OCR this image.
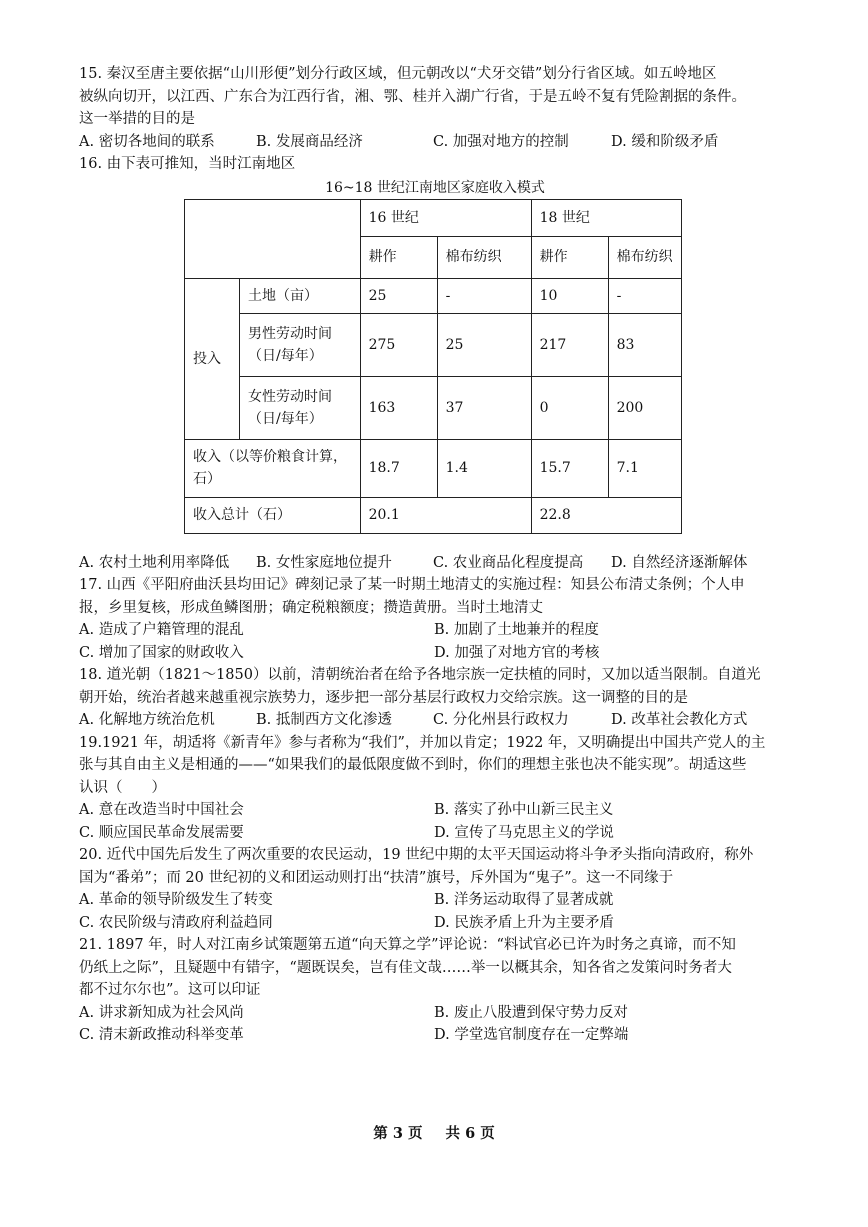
15. 秦汉至唐主要依据“山川形便”划分行政区域，但元朝改以“犬牙交错”划分行省区域。如五岭地区
被纵向切开，以江西、广东合为江西行省，湘、鄂、桂并入湖广行省，于是五岭不复有凭险割据的条件。
这一举措的目的是
A. 密切各地间的联系	B. 发展商品经济	C. 加强对地方的控制	D. 缓和阶级矛盾
16. 由下表可推知，当时江南地区
16~18 世纪江南地区家庭收入模式
		16 世纪		18 世纪	
		耕作	棉布纺织	耕作	棉布纺织
投入	土地（亩）	25	-	10	-

	男性劳动时间
（日/每年）	275	25	217	83

	女性劳动时间
（日/每年）	163	37	0	200

收入（以等价粮食计算，
石）		18.7	1.4	15.7	7.1
收入总计（石）		20.1		22.8	
A. 农村土地利用率降低	B. 女性家庭地位提升	C. 农业商品化程度提高	D. 自然经济逐渐解体
17. 山西《平阳府曲沃县均田记》碑刻记录了某一时期土地清丈的实施过程：知县公布清丈条例；个人申
报，乡里复核，形成鱼鳞图册；确定税粮额度；攒造黄册。当时土地清丈
A. 造成了户籍管理的混乱	B. 加剧了土地兼并的程度
C. 增加了国家的财政收入	D. 加强了对地方官的考核
18. 道光朝（1821～1850）以前，清朝统治者在给予各地宗族一定扶植的同时，又加以适当限制。自道光
朝开始，统治者越来越重视宗族势力，逐步把一部分基层行政权力交给宗族。这一调整的目的是
A. 化解地方统治危机	B. 抵制西方文化渗透	C. 分化州县行政权力	D. 改革社会教化方式
19.1921 年，胡适将《新青年》参与者称为“我们”，并加以肯定；1922 年，又明确提出中国共产党人的主
张与其自由主义是相通的——“如果我们的最低限度做不到时，你们的理想主张也决不能实现”。胡适这些
认识（　　）
A. 意在改造当时中国社会	B. 落实了孙中山新三民主义
C. 顺应国民革命发展需要	D. 宣传了马克思主义的学说
20. 近代中国先后发生了两次重要的农民运动，19 世纪中期的太平天国运动将斗争矛头指向清政府，称外
国为“番弟”；而 20 世纪初的义和团运动则打出“扶清”旗号，斥外国为“鬼子”。这一不同缘于
A. 革命的领导阶级发生了转变	B. 洋务运动取得了显著成就
C. 农民阶级与清政府利益趋同	D. 民族矛盾上升为主要矛盾
21. 1897 年，时人对江南乡试策题第五道“向天算之学”评论说：“料试官必已许为时务之真谛，而不知
仍纸上之际”，且疑题中有错字，“题既误矣，岂有佳文哉……举一以概其余，知各省之发策问时务者大
都不过尔尔也”。这可以印证
A. 讲求新知成为社会风尚	B. 废止八股遭到保守势力反对
C. 清末新政推动科举变革	D. 学堂选官制度存在一定弊端
第 3 页 共 6 页
